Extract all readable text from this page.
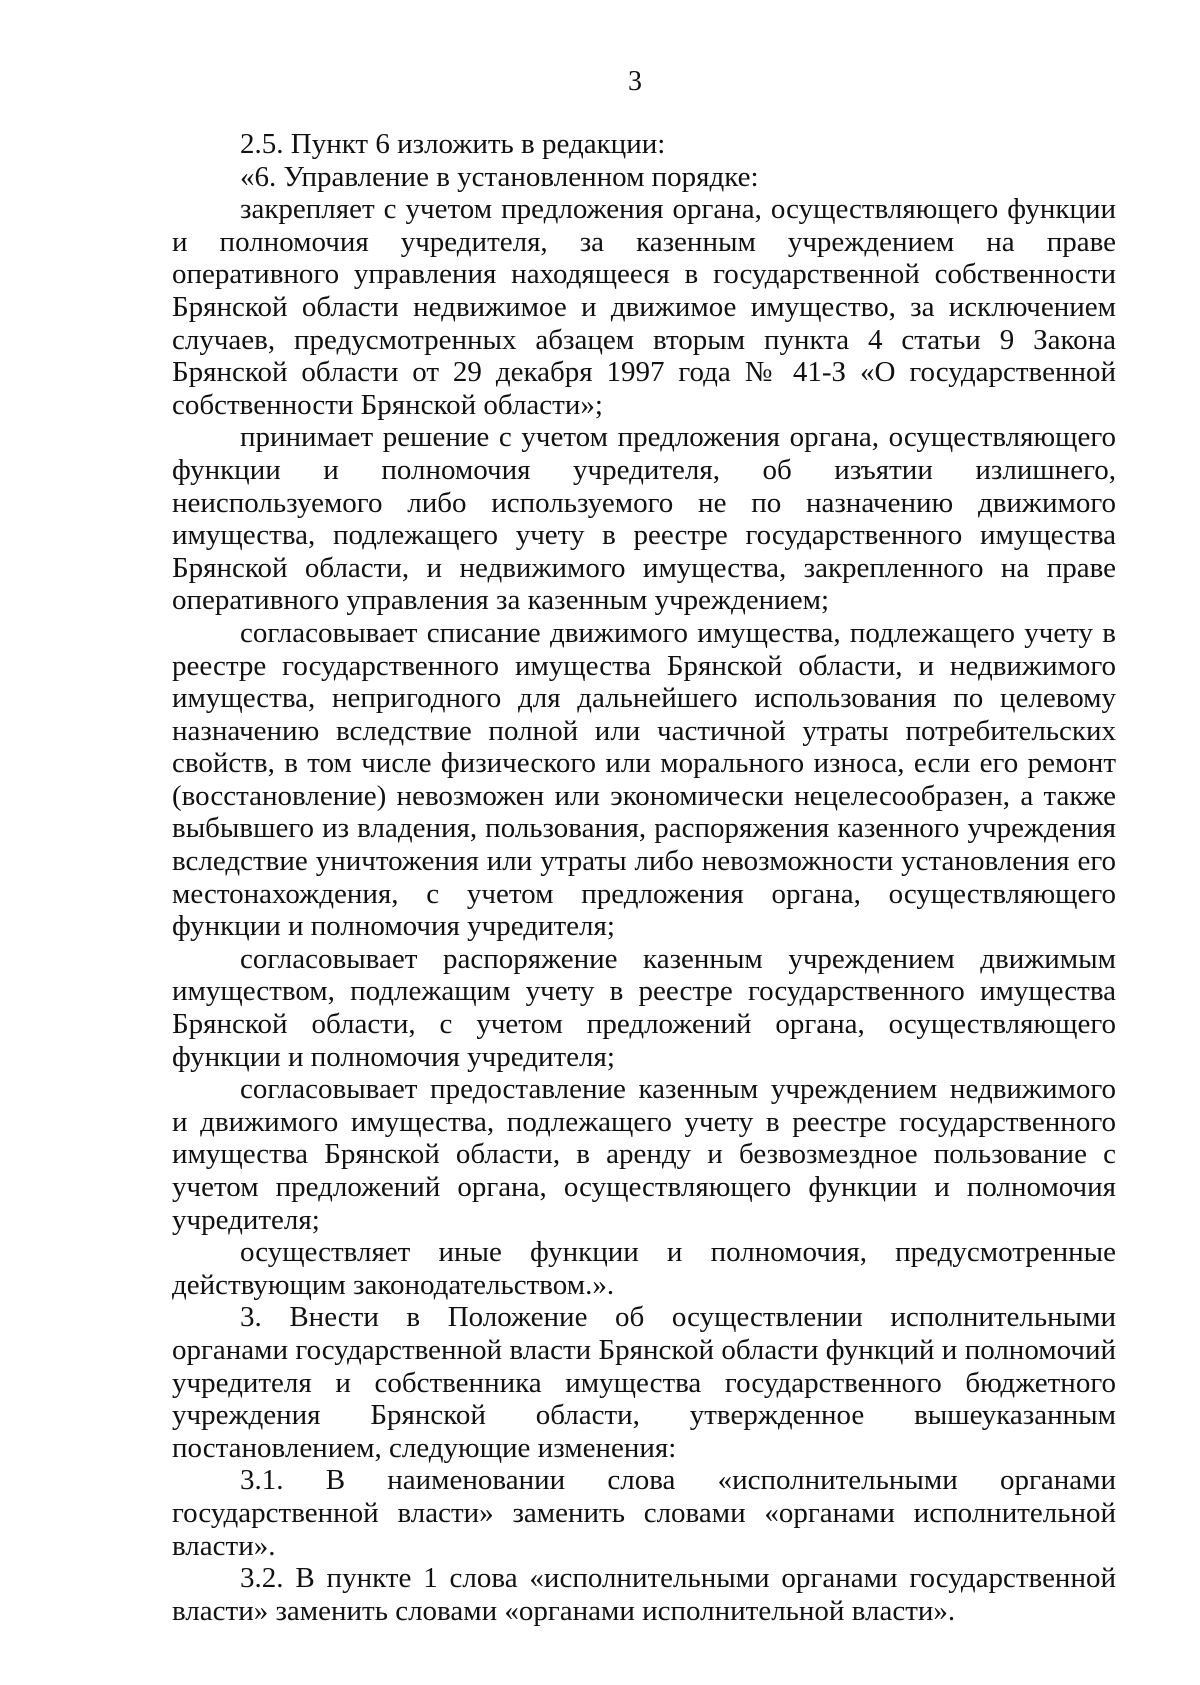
3

2.5. Пункт 6 изложить в редакции:

«6. Управление в установленном порядке:

закрепляет с учетом предложения органа, осуществляющего функции и полномочия учредителя, за казенным учреждением на праве оперативного управления находящееся в государственной собственности Брянской области недвижимое и движимое имущество, за исключением случаев, предусмотренных абзацем вторым пункта 4 статьи 9 Закона Брянской области от 29 декабря 1997 года № 41-З «О государственной собственности Брянской области»;

принимает решение с учетом предложения органа, осуществляющего функции и полномочия учредителя, об изъятии излишнего, неиспользуемого либо используемого не по назначению движимого имущества, подлежащего учету в реестре государственного имущества Брянской области, и недвижимого имущества, закрепленного на праве оперативного управления за казенным учреждением;

согласовывает списание движимого имущества, подлежащего учету в реестре государственного имущества Брянской области, и недвижимого имущества, непригодного для дальнейшего использования по целевому назначению вследствие полной или частичной утраты потребительских свойств, в том числе физического или морального износа, если его ремонт (восстановление) невозможен или экономически нецелесообразен, а также выбывшего из владения, пользования, распоряжения казенного учреждения вследствие уничтожения или утраты либо невозможности установления его местонахождения, с учетом предложения органа, осуществляющего функции и полномочия учредителя;

согласовывает распоряжение казенным учреждением движимым имуществом, подлежащим учету в реестре государственного имущества Брянской области, с учетом предложений органа, осуществляющего функции и полномочия учредителя;

согласовывает предоставление казенным учреждением недвижимого и движимого имущества, подлежащего учету в реестре государственного имущества Брянской области, в аренду и безвозмездное пользование с учетом предложений органа, осуществляющего функции и полномочия учредителя;

осуществляет иные функции и полномочия, предусмотренные действующим законодательством.».

3. Внести в Положение об осуществлении исполнительными органами государственной власти Брянской области функций и полномочий учредителя и собственника имущества государственного бюджетного учреждения Брянской области, утвержденное вышеуказанным постановлением, следующие изменения:

3.1. В наименовании слова «исполнительными органами государственной власти» заменить словами «органами исполнительной власти».

3.2. В пункте 1 слова «исполнительными органами государственной власти» заменить словами «органами исполнительной власти».
